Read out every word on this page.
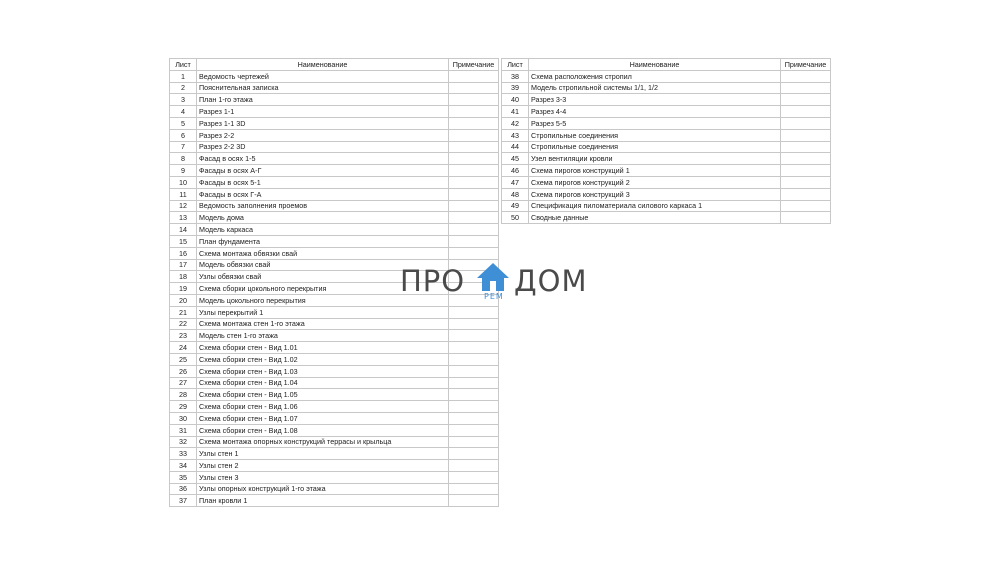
Лист	Наименование	Примечание
1	Ведомость чертежей	
2	Пояснительная записка	
3	План 1-го этажа	
4	Разрез 1-1	
5	Разрез 1-1 3D	
6	Разрез 2-2	
7	Разрез 2-2 3D	
8	Фасад в осях 1-5	
9	Фасады в осях А-Г	
10	Фасады в осях 5-1	
11	Фасады в осях Г-А	
12	Ведомость заполнения проемов	
13	Модель дома	
14	Модель каркаса	
15	План фундамента	
16	Схема монтажа обвязки свай	
17	Модель обвязки свай	
18	Узлы обвязки свай	
19	Схема сборки цокольного перекрытия	
20	Модель цокольного перекрытия	
21	Узлы перекрытий 1	
22	Схема монтажа стен 1-го этажа	
23	Модель стен 1-го этажа	
24	Схема сборки стен - Вид 1.01	
25	Схема сборки стен - Вид 1.02	
26	Схема сборки стен - Вид 1.03	
27	Схема сборки стен - Вид 1.04	
28	Схема сборки стен - Вид 1.05	
29	Схема сборки стен - Вид 1.06	
30	Схема сборки стен - Вид 1.07	
31	Схема сборки стен - Вид 1.08	
32	Схема монтажа опорных конструкций террасы и крыльца	
33	Узлы стен 1	
34	Узлы стен 2	
35	Узлы стен 3	
36	Узлы опорных конструкций 1-го этажа	
37	План кровли 1	
Лист	Наименование	Примечание
38	Схема расположения стропил	
39	Модель стропильной системы 1/1, 1/2	
40	Разрез 3-3	
41	Разрез 4-4	
42	Разрез 5-5	
43	Стропильные соединения	
44	Стропильные соединения	
45	Узел вентиляции кровли	
46	Схема пирогов конструкций 1	
47	Схема пирогов конструкций 2	
48	Схема пирогов конструкций 3	
49	Спецификация пиломатериала силового каркаса 1	
50	Сводные данные	
ПРО РЕМ ДОМ
